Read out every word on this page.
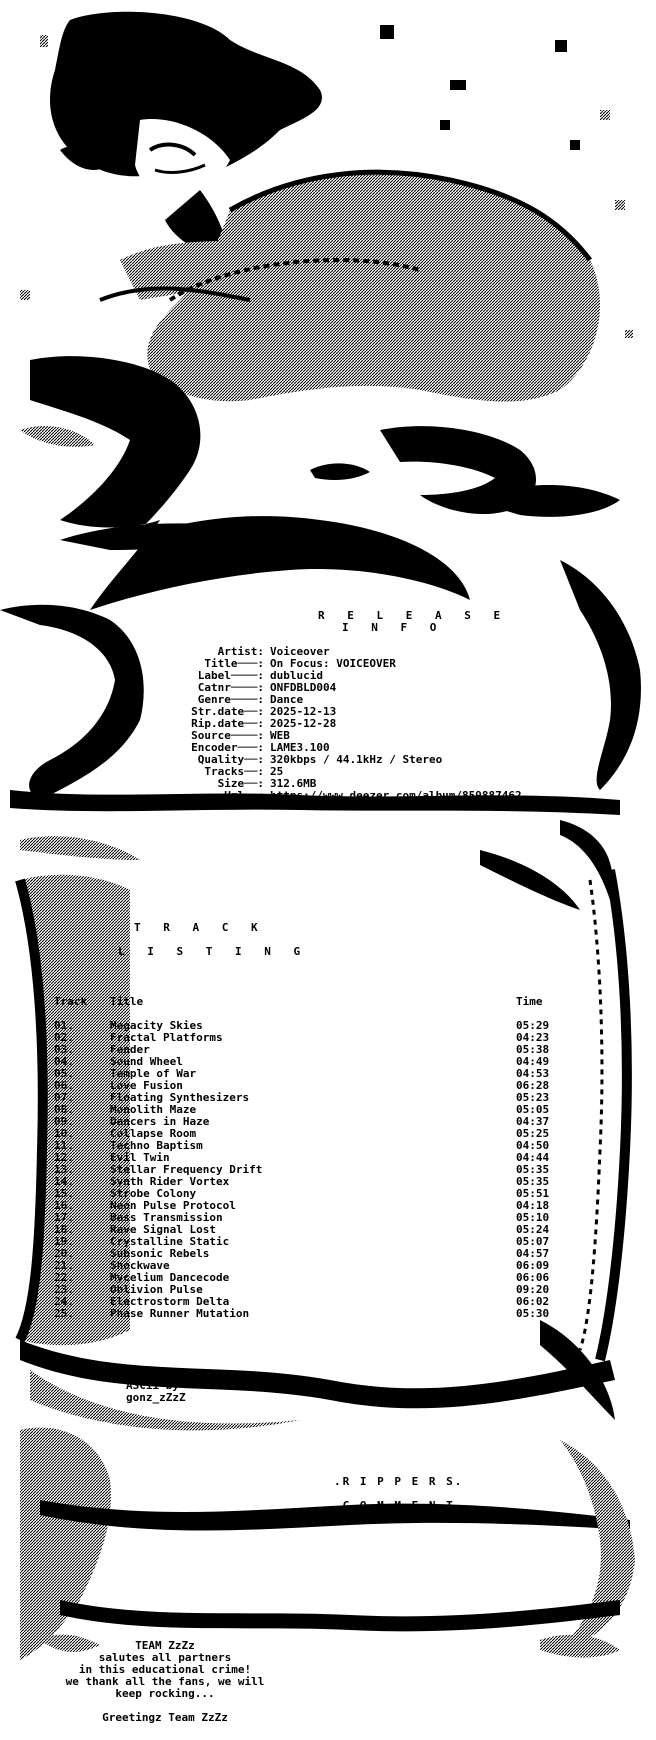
R E L E A S E
I N F O
Artist: Voiceover
Title───: On Focus: VOICEOVER
Label────: dublucid
Catnr────: ONFDBLD004
Genre────: Dance
Str.date──: 2025-12-13
Rip.date──: 2025-12-28
Source────: WEB
Encoder───: LAME3.100
Quality──: 320kbps / 44.1kHz / Stereo
Tracks──: 25
Size──: 312.6MB
Url──: https://www.deezer.com/album/859887462
T R A C K
L I S T I N G
Track Title	Time
01.	Megacity Skies	05:29
02.	Fractal Platforms	04:23
03.	Fender	05:38
04.	Sound Wheel	04:49
05.	Temple of War	04:53
06.	Love Fusion	06:28
07.	Floating Synthesizers	05:23
08.	Monolith Maze	05:05
09.	Dancers in Haze	04:37
10.	Collapse Room	05:25
11.	Techno Baptism	04:50
12.	Evil Twin	04:44
13.	Stellar Frequency Drift	05:35
14.	Synth Rider Vortex	05:35
15.	Strobe Colony	05:51
16.	Neon Pulse Protocol	04:18
17.	Bass Transmission	05:10
18.	Rave Signal Lost	05:24
19.	Crystalline Static	05:07
20.	Subsonic Rebels	04:57
21.	Shockwave	06:09
22.	Mycelium Dancecode	06:06
23.	Oblivion Pulse	09:20
24.	Electrostorm Delta	06:02
25.	Phase Runner Mutation	05:30
ASCii by
gonz_zZzZ
.R I P P E R S.
.C O M M E N T.
TEAM ZzZz
salutes all partners
in this educational crime!
we thank all the fans, we will
keep rocking...
Greetingz Team ZzZz
